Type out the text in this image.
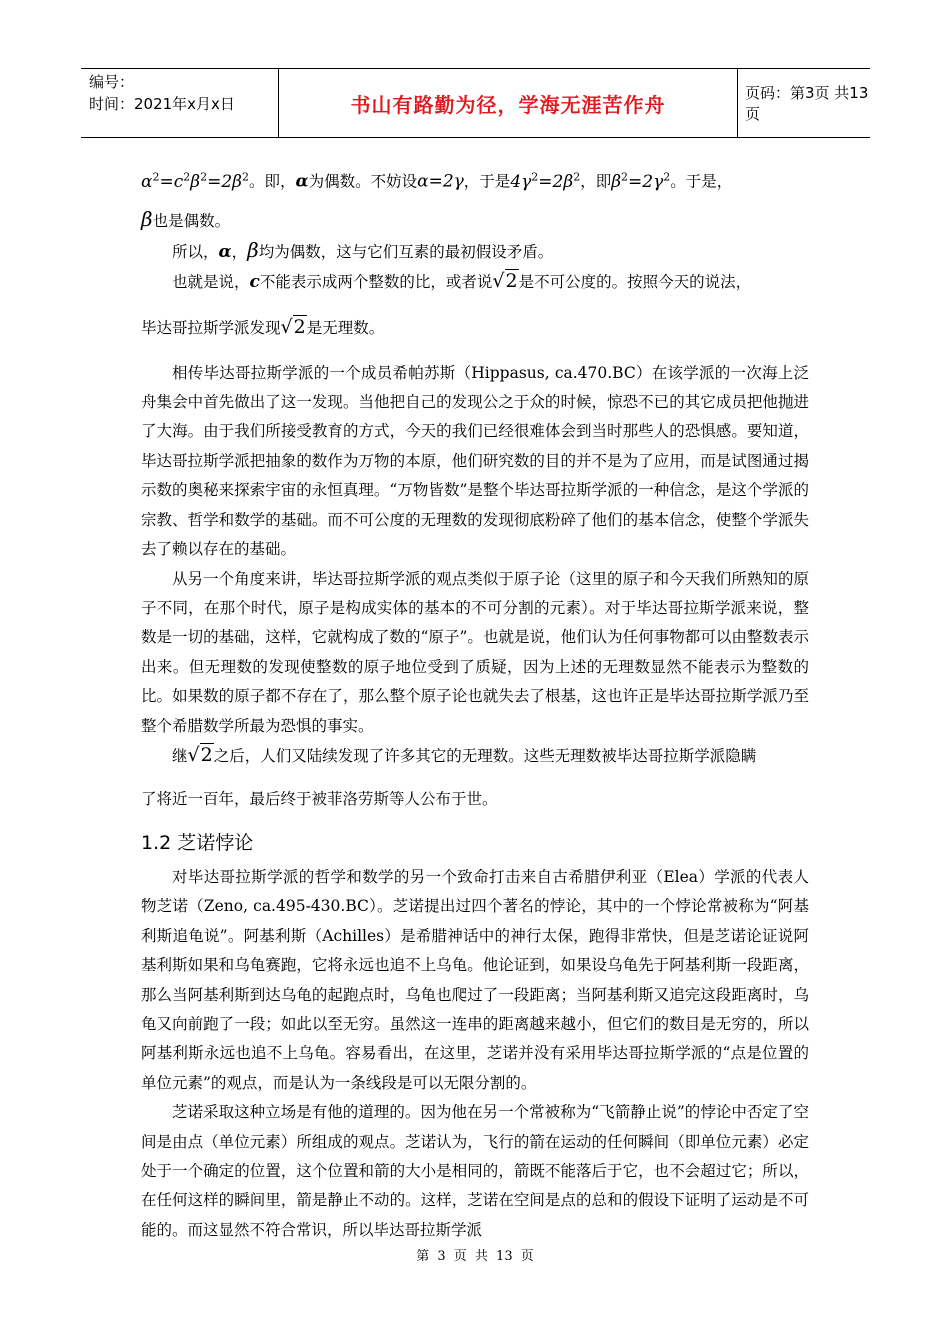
编号：
时间：2021年x月x日	书山有路勤为径，学海无涯苦作舟	页码：第3页 共13页
$\alpha^2=c^2\beta^2=2\beta^2$。即，α为偶数。不妨设α=2γ，于是$4\gamma^2=2\beta^2$，即$\beta^2=2\gamma^2$。于是，
β也是偶数。
所以，α，β均为偶数，这与它们互素的最初假设矛盾。
也就是说，c不能表示成两个整数的比，或者说√2是不可公度的。按照今天的说法，
毕达哥拉斯学派发现√2是无理数。

相传毕达哥拉斯学派的一个成员希帕苏斯（Hippasus, ca.470.BC）在该学派的一次海上泛舟集会中首先做出了这一发现。当他把自己的发现公之于众的时候，惊恐不已的其它成员把他抛进了大海。由于我们所接受教育的方式，今天的我们已经很难体会到当时那些人的恐惧感。要知道，毕达哥拉斯学派把抽象的数作为万物的本原，他们研究数的目的并不是为了应用，而是试图通过揭示数的奥秘来探索宇宙的永恒真理。“万物皆数”是整个毕达哥拉斯学派的一种信念，是这个学派的宗教、哲学和数学的基础。而不可公度的无理数的发现彻底粉碎了他们的基本信念，使整个学派失去了赖以存在的基础。

从另一个角度来讲，毕达哥拉斯学派的观点类似于原子论（这里的原子和今天我们所熟知的原子不同，在那个时代，原子是构成实体的基本的不可分割的元素）。对于毕达哥拉斯学派来说，整数是一切的基础，这样，它就构成了数的“原子”。也就是说，他们认为任何事物都可以由整数表示出来。但无理数的发现使整数的原子地位受到了质疑，因为上述的无理数显然不能表示为整数的比。如果数的原子都不存在了，那么整个原子论也就失去了根基，这也许正是毕达哥拉斯学派乃至整个希腊数学所最为恐惧的事实。

继√2之后，人们又陆续发现了许多其它的无理数。这些无理数被毕达哥拉斯学派隐瞒
了将近一百年，最后终于被菲洛劳斯等人公布于世。
1.2 芝诺悖论

对毕达哥拉斯学派的哲学和数学的另一个致命打击来自古希腊伊利亚（Elea）学派的代表人物芝诺（Zeno, ca.495-430.BC）。芝诺提出过四个著名的悖论，其中的一个悖论常被称为“阿基利斯追龟说”。阿基利斯（Achilles）是希腊神话中的神行太保，跑得非常快，但是芝诺论证说阿基利斯如果和乌龟赛跑，它将永远也追不上乌龟。他论证到，如果设乌龟先于阿基利斯一段距离，那么当阿基利斯到达乌龟的起跑点时，乌龟也爬过了一段距离；当阿基利斯又追完这段距离时，乌龟又向前跑了一段；如此以至无穷。虽然这一连串的距离越来越小，但它们的数目是无穷的，所以阿基利斯永远也追不上乌龟。容易看出，在这里，芝诺并没有采用毕达哥拉斯学派的“点是位置的单位元素”的观点，而是认为一条线段是可以无限分割的。

芝诺采取这种立场是有他的道理的。因为他在另一个常被称为“飞箭静止说”的悖论中否定了空间是由点（单位元素）所组成的观点。芝诺认为，飞行的箭在运动的任何瞬间（即单位元素）必定处于一个确定的位置，这个位置和箭的大小是相同的，箭既不能落后于它，也不会超过它；所以，在任何这样的瞬间里，箭是静止不动的。这样，芝诺在空间是点的总和的假设下证明了运动是不可能的。而这显然不符合常识，所以毕达哥拉斯学派

第 3 页 共 13 页
